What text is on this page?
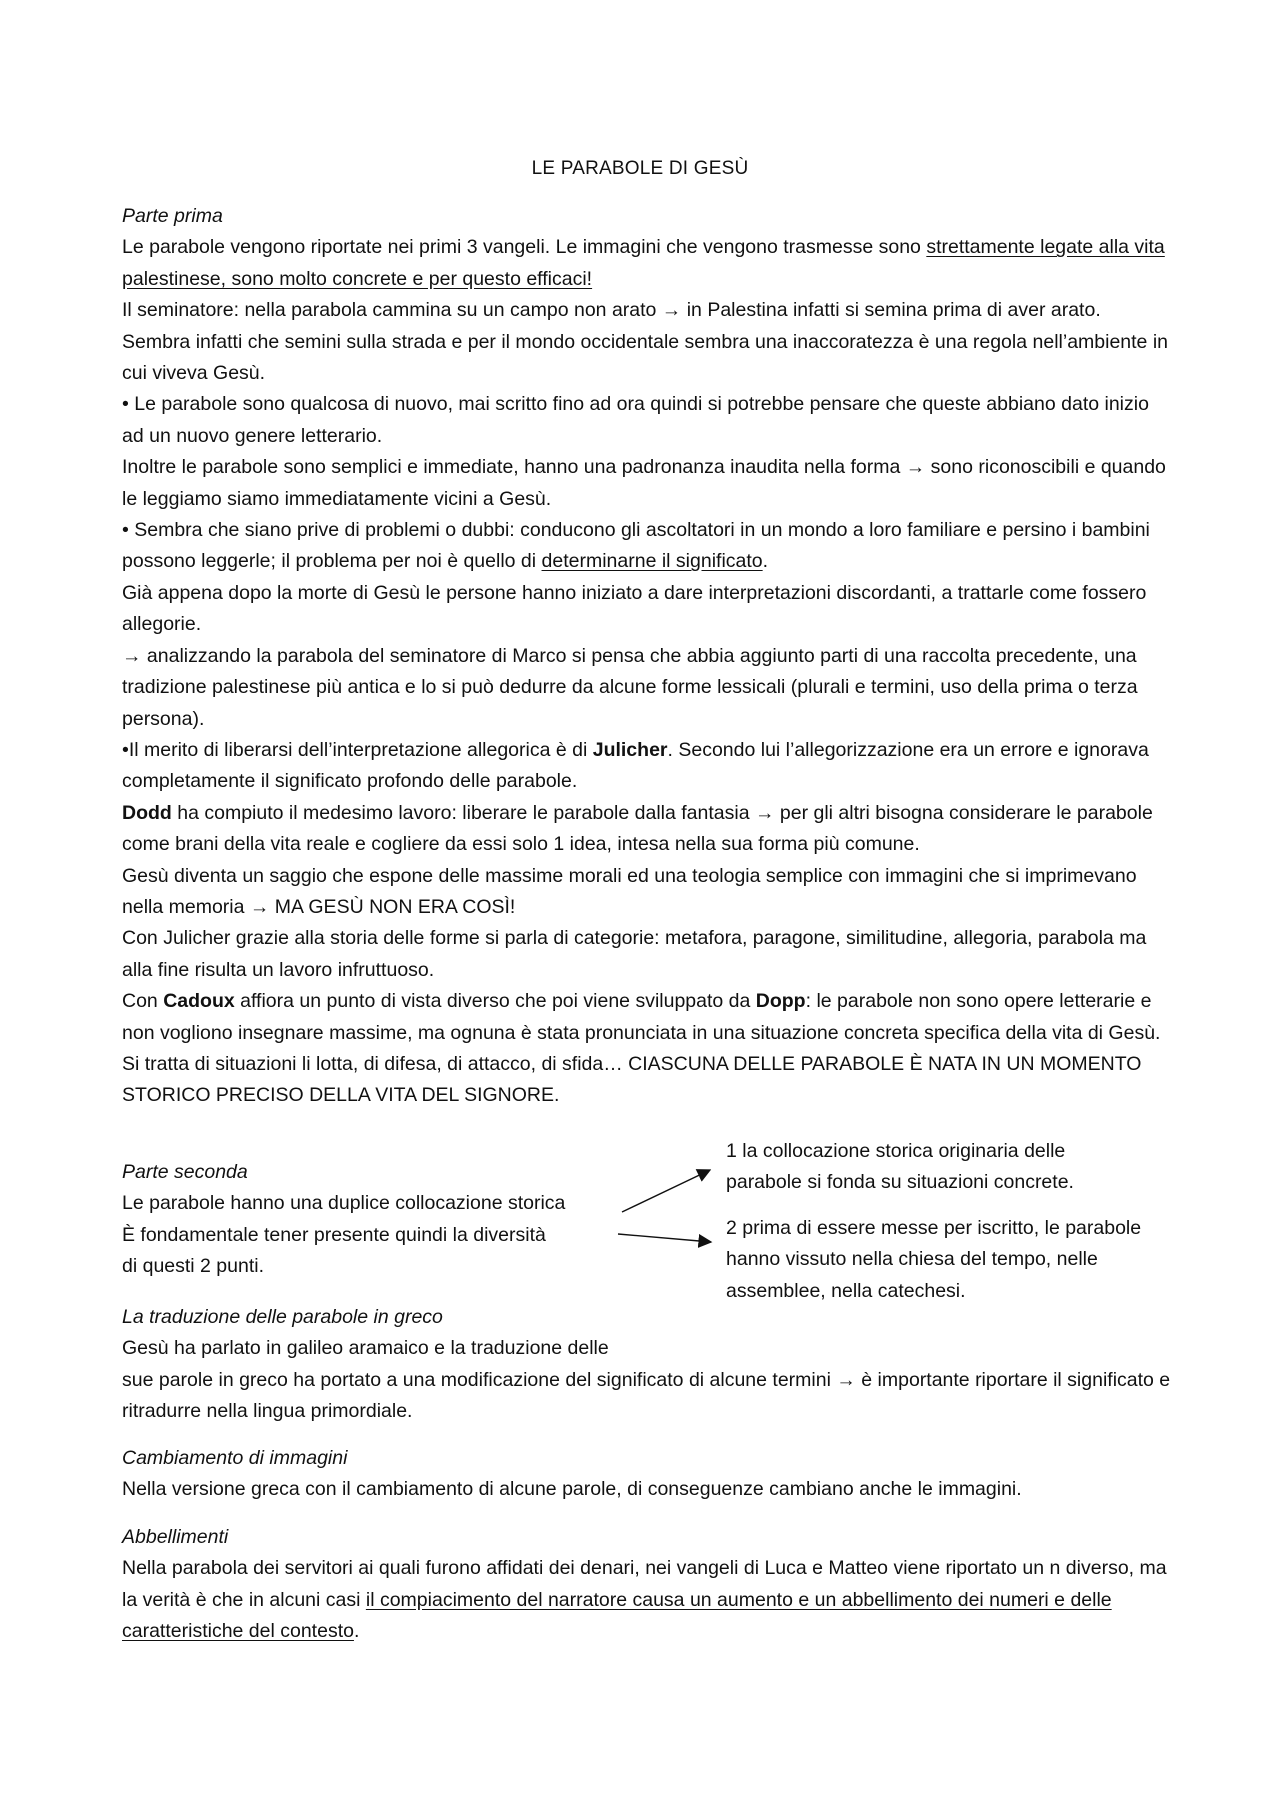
LE PARABOLE DI GESÙ

Parte prima

Le parabole vengono riportate nei primi 3 vangeli. Le immagini che vengono trasmesse sono strettamente legate alla vita palestinese, sono molto concrete e per questo efficaci!

Il seminatore: nella parabola cammina su un campo non arato → in Palestina infatti si semina prima di aver arato. Sembra infatti che semini sulla strada e per il mondo occidentale sembra una inaccoratezza è una regola nell’ambiente in cui viveva Gesù.

• Le parabole sono qualcosa di nuovo, mai scritto fino ad ora quindi si potrebbe pensare che queste abbiano dato inizio ad un nuovo genere letterario.

Inoltre le parabole sono semplici e immediate, hanno una padronanza inaudita nella forma → sono riconoscibili e quando le leggiamo siamo immediatamente vicini a Gesù.

• Sembra che siano prive di problemi o dubbi: conducono gli ascoltatori in un mondo a loro familiare e persino i bambini possono leggerle; il problema per noi è quello di determinarne il significato.

Già appena dopo la morte di Gesù le persone hanno iniziato a dare interpretazioni discordanti, a trattarle come fossero allegorie.

→ analizzando la parabola del seminatore di Marco si pensa che abbia aggiunto parti di una raccolta precedente, una tradizione palestinese più antica e lo si può dedurre da alcune forme lessicali (plurali e termini, uso della prima o terza persona).

•Il merito di liberarsi dell’interpretazione allegorica è di Julicher. Secondo lui l’allegorizzazione era un errore e ignorava completamente il significato profondo delle parabole.

Dodd ha compiuto il medesimo lavoro: liberare le parabole dalla fantasia → per gli altri bisogna considerare le parabole come brani della vita reale e cogliere da essi solo 1 idea, intesa nella sua forma più comune.

Gesù diventa un saggio che espone delle massime morali ed una teologia semplice con immagini che si imprimevano nella memoria → MA GESÙ NON ERA COSÌ!

Con Julicher grazie alla storia delle forme si parla di categorie: metafora, paragone, similitudine, allegoria, parabola ma alla fine risulta un lavoro infruttuoso.

Con Cadoux affiora un punto di vista diverso che poi viene sviluppato da Dopp: le parabole non sono opere letterarie e non vogliono insegnare massime, ma ognuna è stata pronunciata in una situazione concreta specifica della vita di Gesù. Si tratta di situazioni li lotta, di difesa, di attacco, di sfida… CIASCUNA DELLE PARABOLE È NATA IN UN MOMENTO STORICO PRECISO DELLA VITA DEL SIGNORE.

Parte seconda

Le parabole hanno una duplice collocazione storica

È fondamentale tener presente quindi la diversità

di questi 2 punti.

1 la collocazione storica originaria delle parabole si fonda su situazioni concrete.
2 prima di essere messe per iscritto, le parabole hanno vissuto nella chiesa del tempo, nelle assemblee, nella catechesi.

La traduzione delle parabole in greco

Gesù ha parlato in galileo aramaico e la traduzione delle

sue parole in greco ha portato a una modificazione del significato di alcune termini → è importante riportare il significato e ritradurre nella lingua primordiale.

Cambiamento di immagini

Nella versione greca con il cambiamento di alcune parole, di conseguenze cambiano anche le immagini.

Abbellimenti

Nella parabola dei servitori ai quali furono affidati dei denari, nei vangeli di Luca e Matteo viene riportato un n diverso, ma la verità è che in alcuni casi il compiacimento del narratore causa un aumento e un abbellimento dei numeri e delle caratteristiche del contesto.
